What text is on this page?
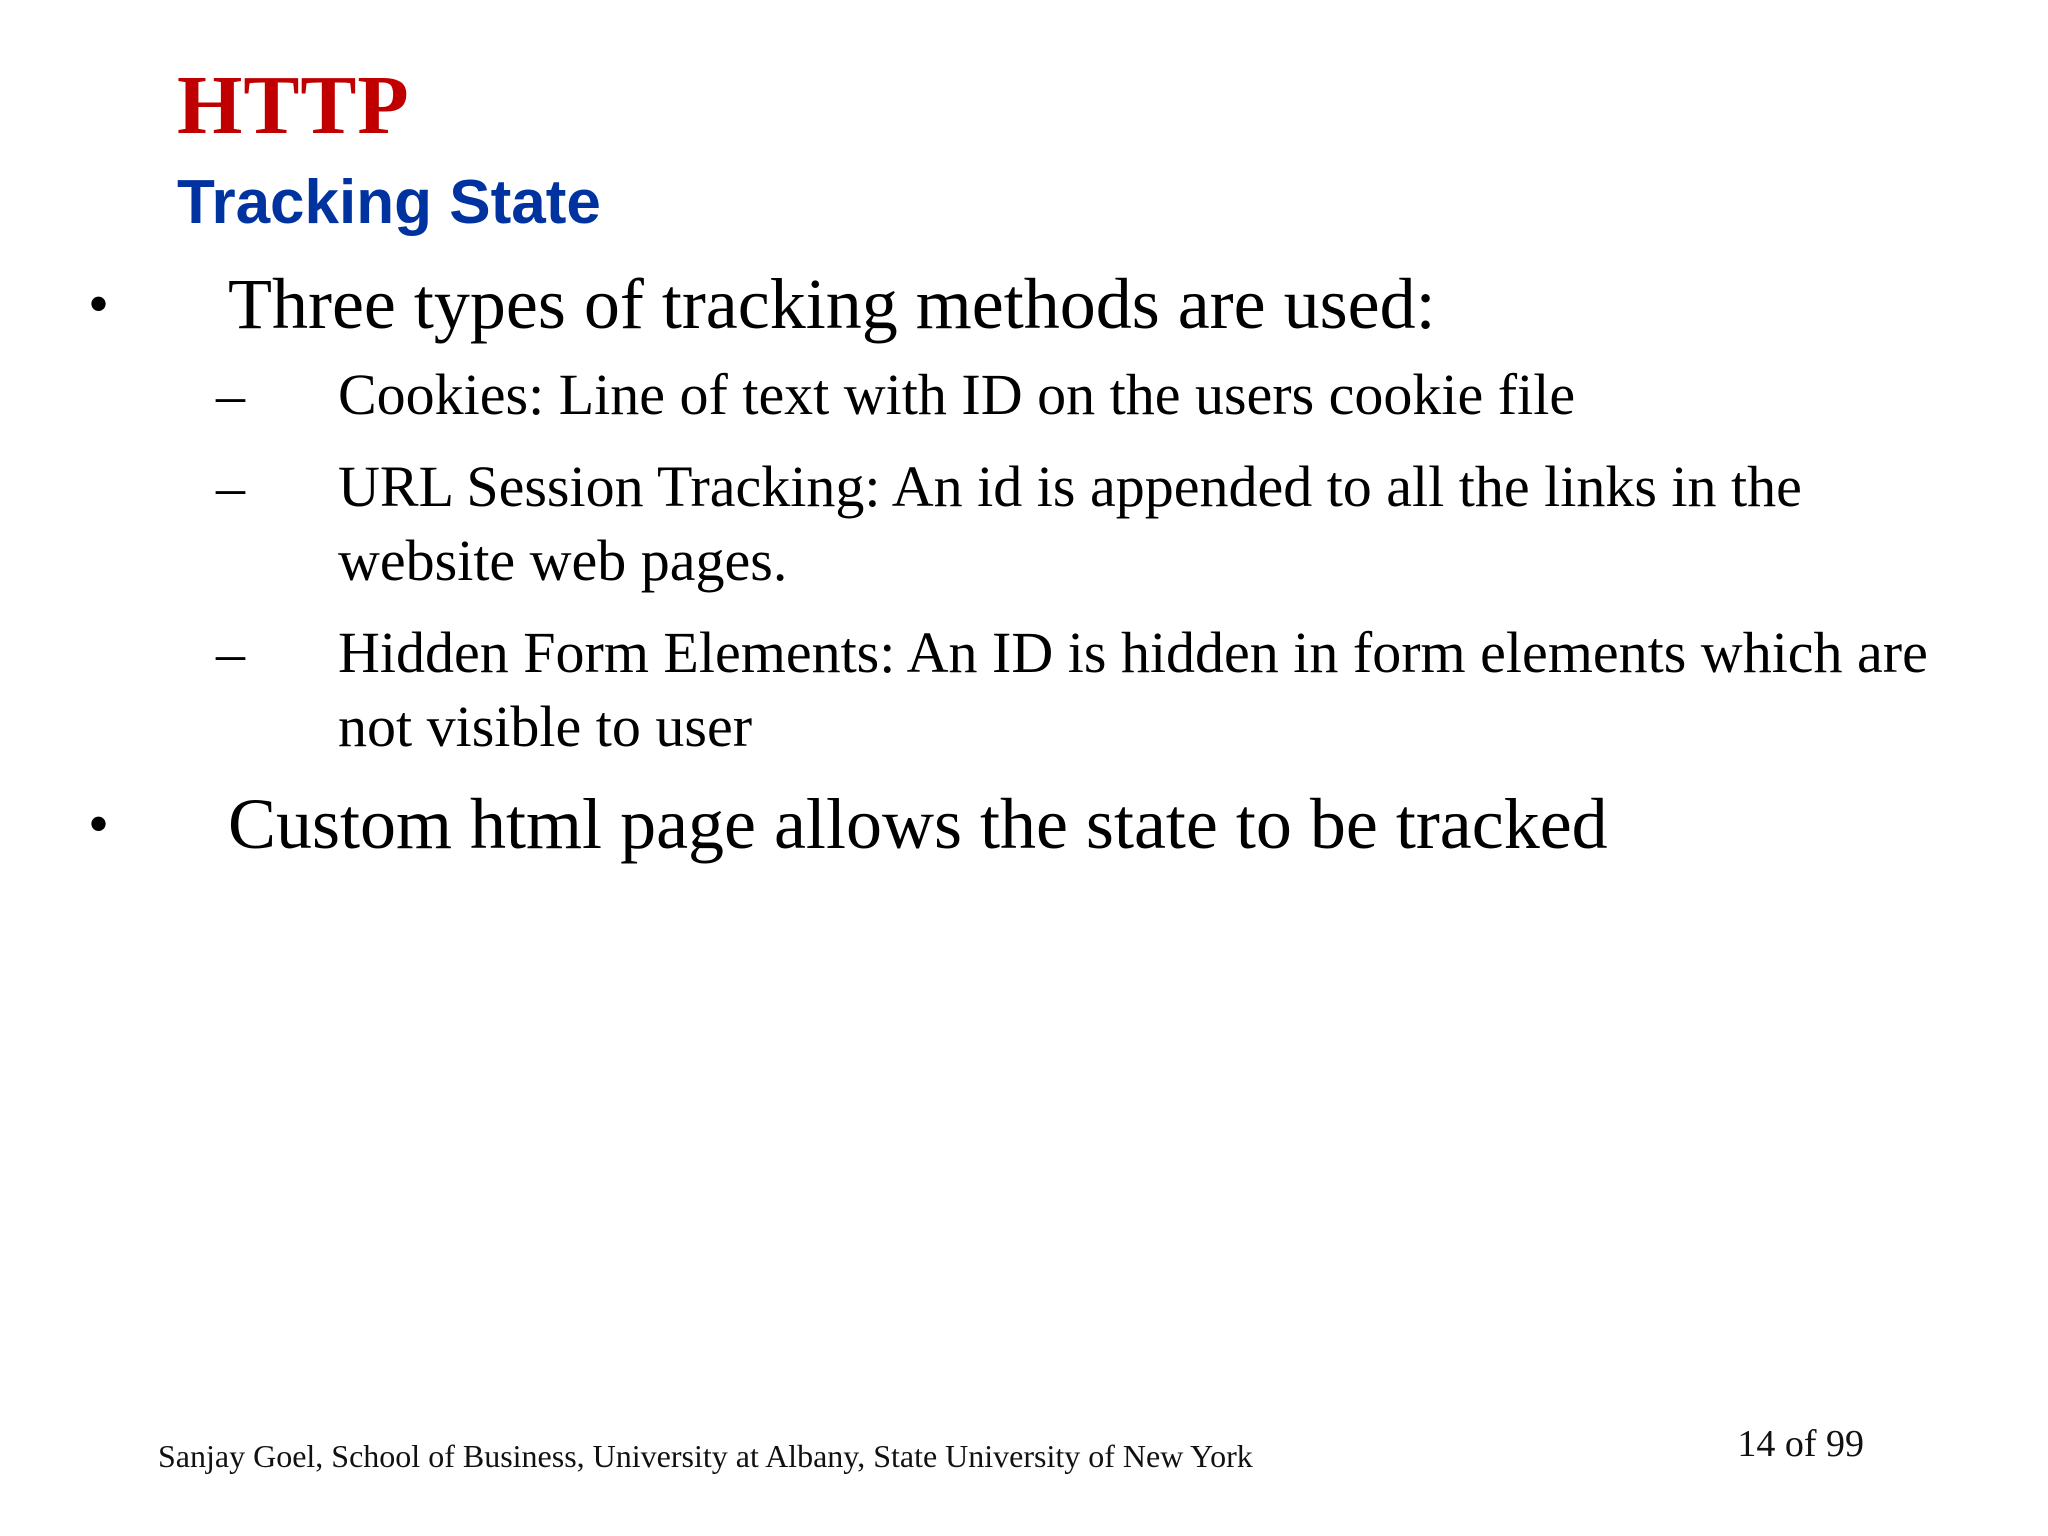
HTTP
Tracking State
• Three types of tracking methods are used:
–	Cookies: Line of text with ID on the users cookie file
–	URL Session Tracking: An id is appended to all the links in the website web pages.
–	Hidden Form Elements: An ID is hidden in form elements which are not visible to user
• Custom html page allows the state to be tracked
Sanjay Goel, School of Business, University at Albany, State University of New York	14 of 99
